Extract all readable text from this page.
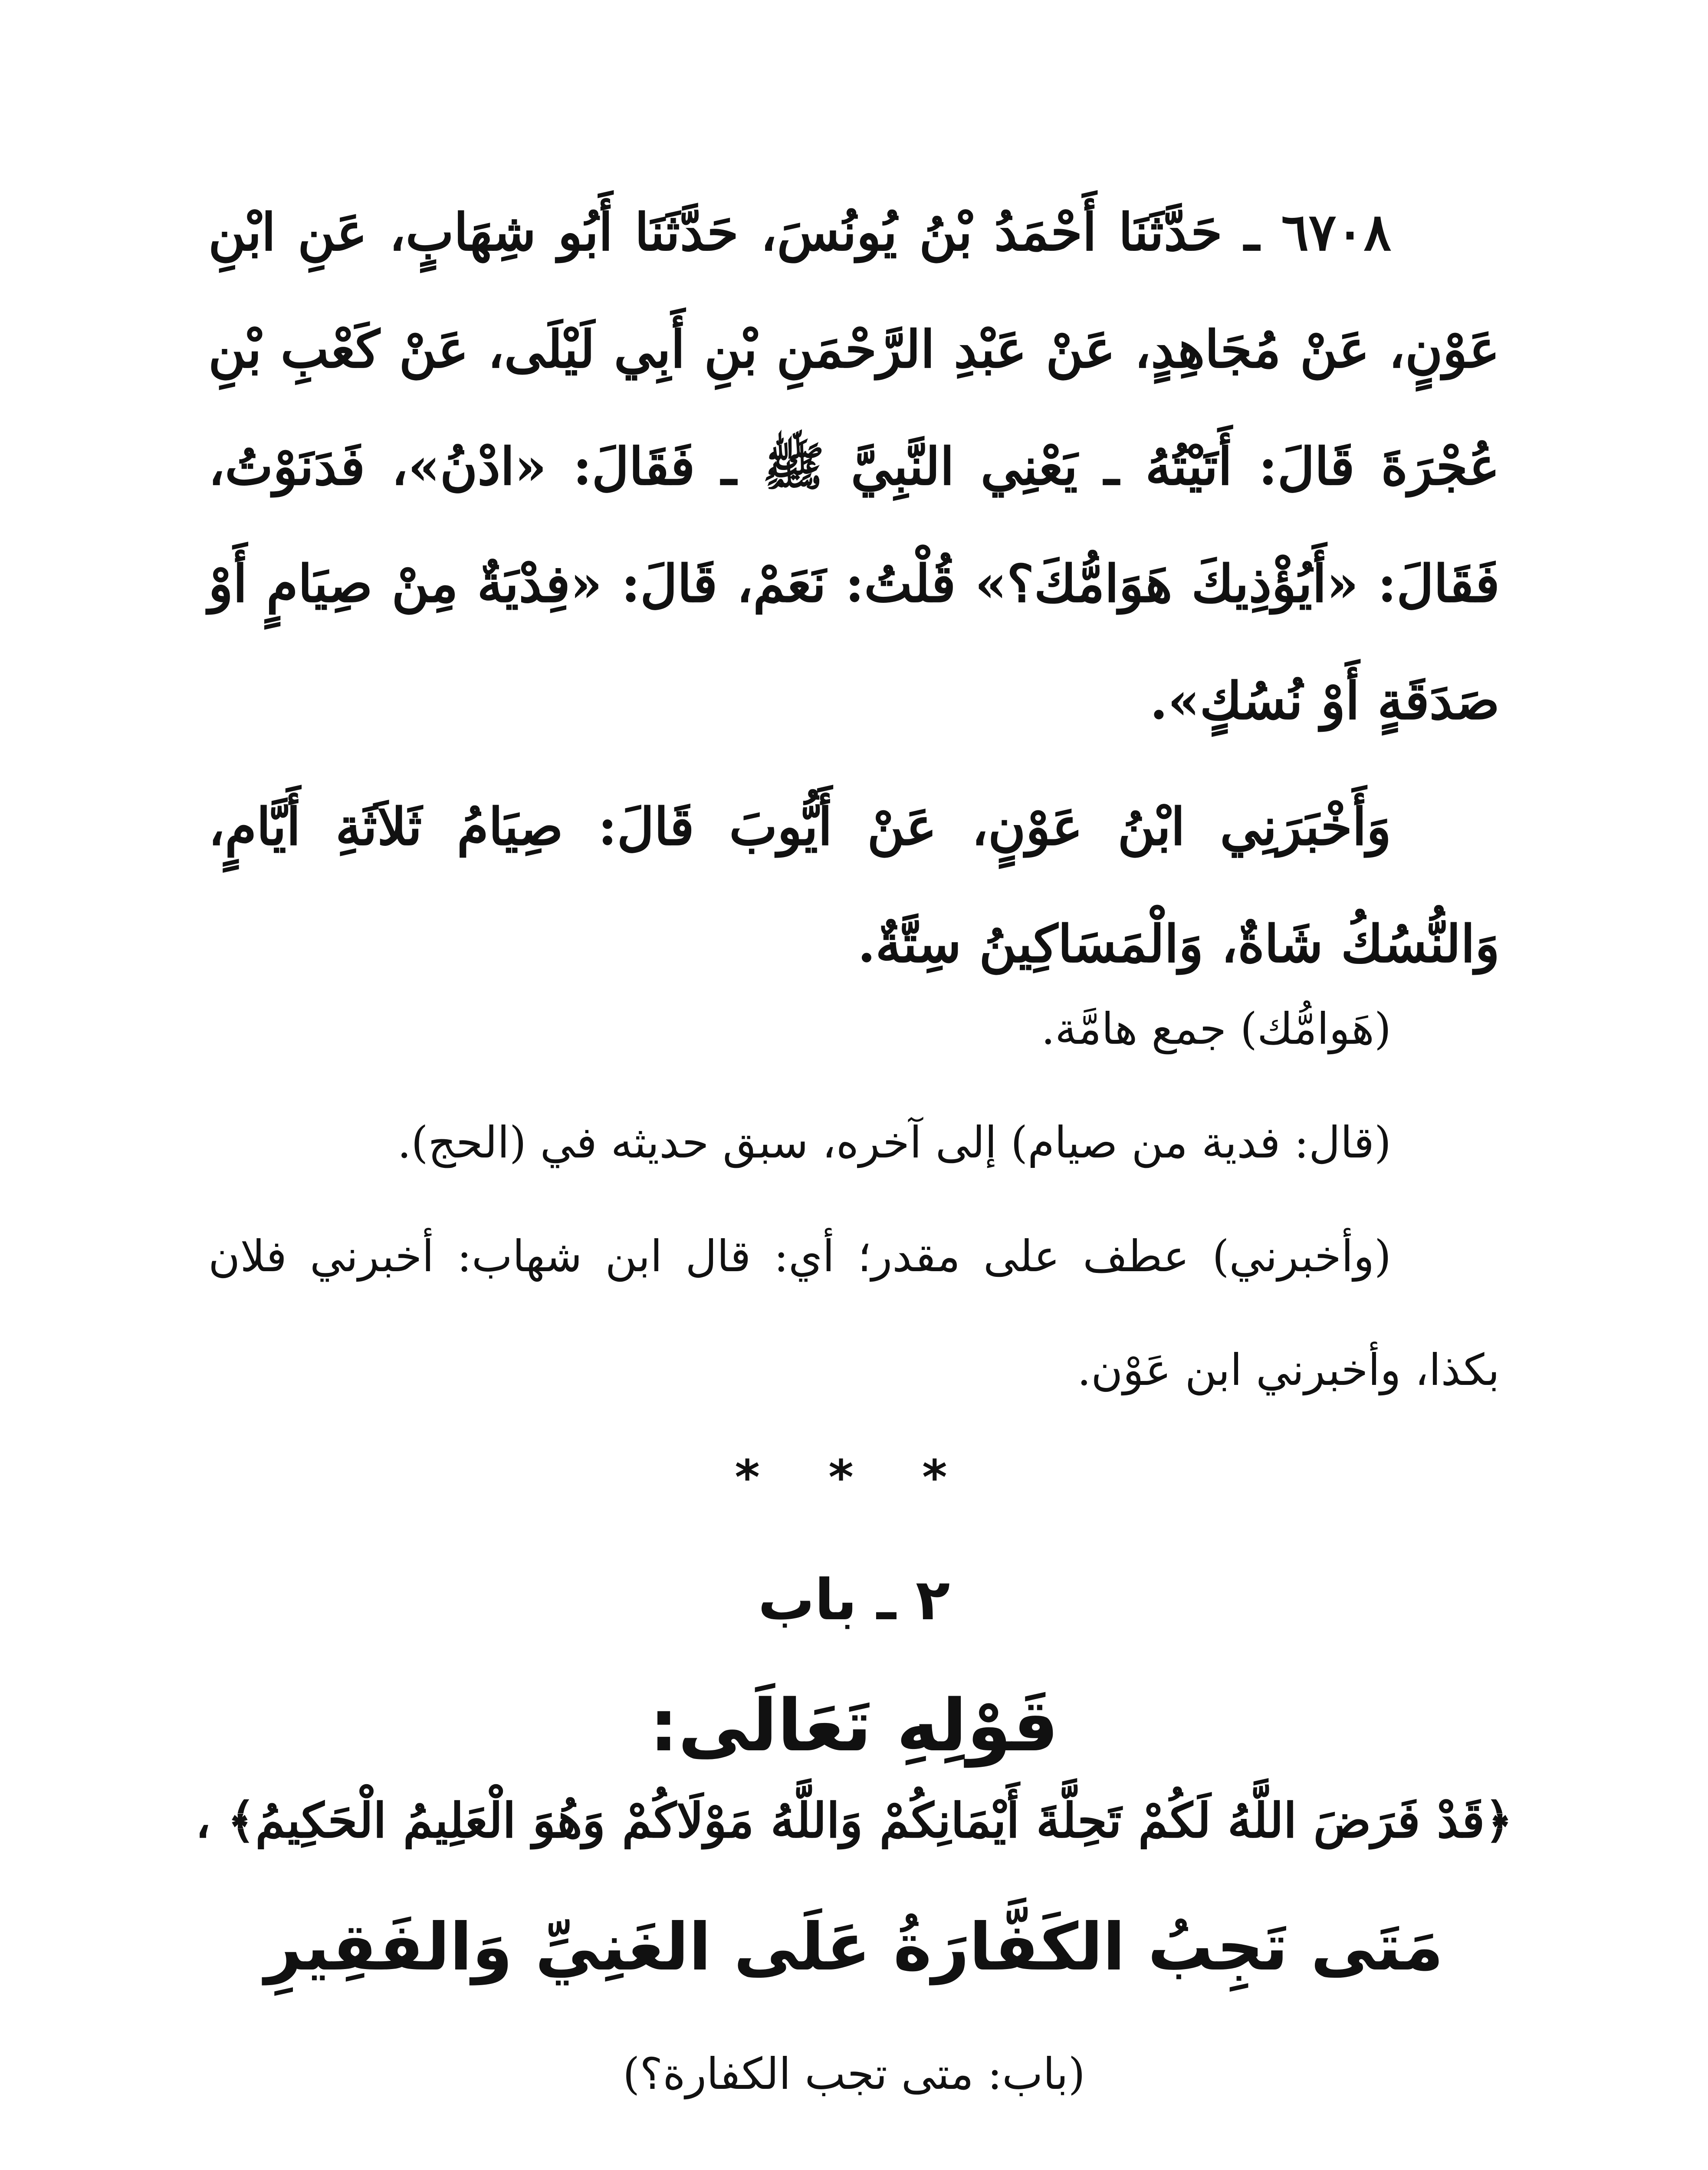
٦٧٠٨ ـ حَدَّثَنَا أَحْمَدُ بْنُ يُونُسَ، حَدَّثَنَا أَبُو شِهَابٍ، عَنِ ابْنِ عَوْنٍ، عَنْ مُجَاهِدٍ، عَنْ عَبْدِ الرَّحْمَنِ بْنِ أَبِي لَيْلَى، عَنْ كَعْبِ بْنِ عُجْرَةَ قَالَ: أَتَيْتُهُ ـ يَعْنِي النَّبِيَّ ﷺ ـ فَقَالَ: «ادْنُ»، فَدَنَوْتُ، فَقَالَ: «أَيُؤْذِيكَ هَوَامُّكَ؟» قُلْتُ: نَعَمْ، قَالَ: «فِدْيَةٌ مِنْ صِيَامٍ أَوْ صَدَقَةٍ أَوْ نُسُكٍ».

وَأَخْبَرَنِي ابْنُ عَوْنٍ، عَنْ أَيُّوبَ قَالَ: صِيَامُ ثَلاَثَةِ أَيَّامٍ، وَالنُّسُكُ شَاةٌ، وَالْمَسَاكِينُ سِتَّةٌ.

(هَوامُّك) جمع هامَّة.

(قال: فدية من صيام) إلى آخره، سبق حديثه في (الحج).

(وأخبرني) عطف على مقدر؛ أي: قال ابن شهاب: أخبرني فلان بكذا، وأخبرني ابن عَوْن.

* * *
٢ ـ باب
قَوْلِهِ تَعَالَى:
﴿قَدْ فَرَضَ اللَّهُ لَكُمْ تَحِلَّةَ أَيْمَانِكُمْ وَاللَّهُ مَوْلَاكُمْ وَهُوَ الْعَلِيمُ الْحَكِيمُ﴾ ،
مَتَى تَجِبُ الكَفَّارَةُ عَلَى الغَنِيِّ وَالفَقِيرِ
(باب: متى تجب الكفارة؟)
